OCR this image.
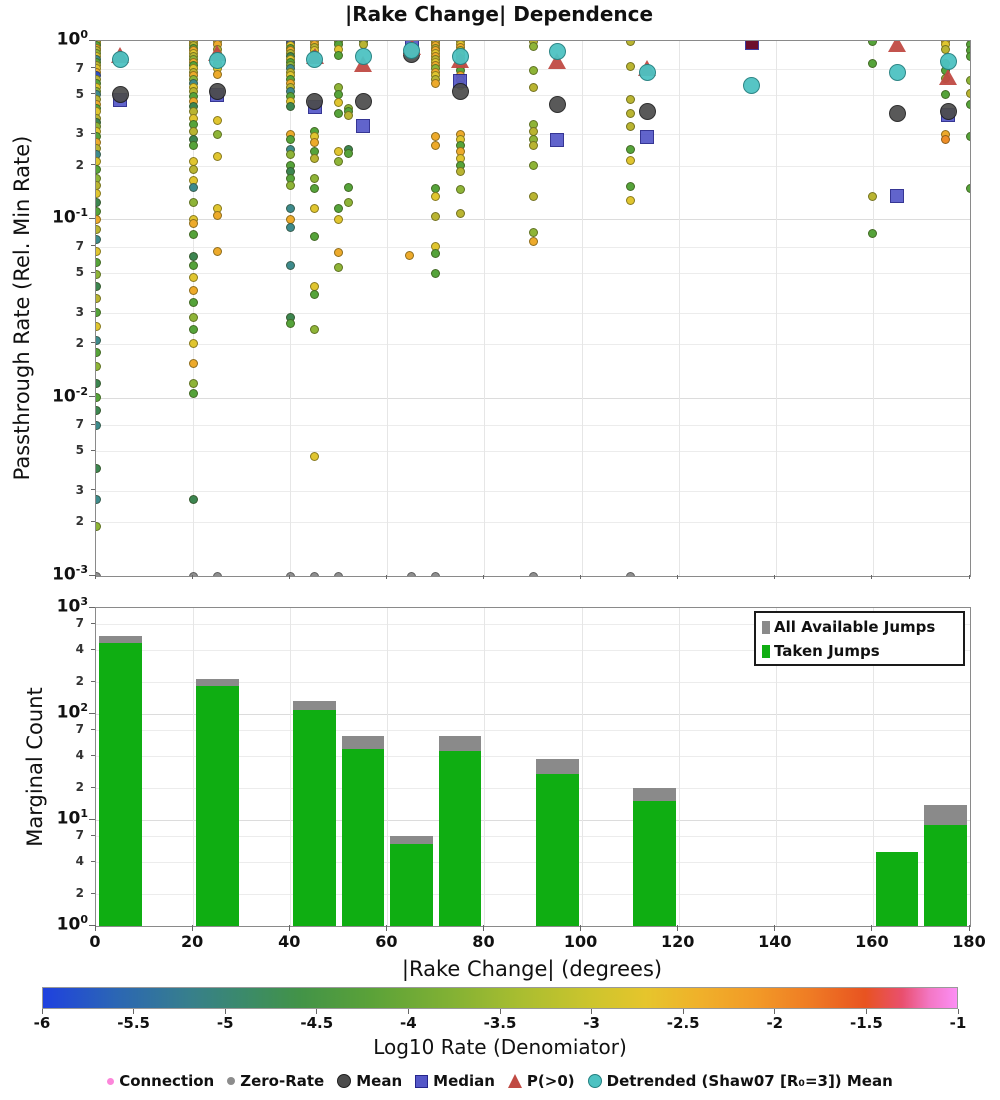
|Rake Change| Dependence
Passthrough Rate (Rel. Min Rate)
Marginal Count
All Available Jumps
Taken Jumps
|Rake Change| (degrees)
Log10 Rate (Denomiator)
Connection Zero-Rate Mean Median P(>0) Detrended (Shaw07 [R₀=3]) Mean
$10^0$
$10^{-1}$
$10^{-2}$
$10^{-3}$
7
5
3
2
7
5
3
2
7
5
3
2
$10^3$
$10^2$
$10^1$
$10^0$
7
4
2
7
4
2
7
4
2
0	20	40	60	80	100	120	140	160	180
-6	-5.5	-5	-4.5	-4	-3.5	-3	-2.5	-2	-1.5	-1
